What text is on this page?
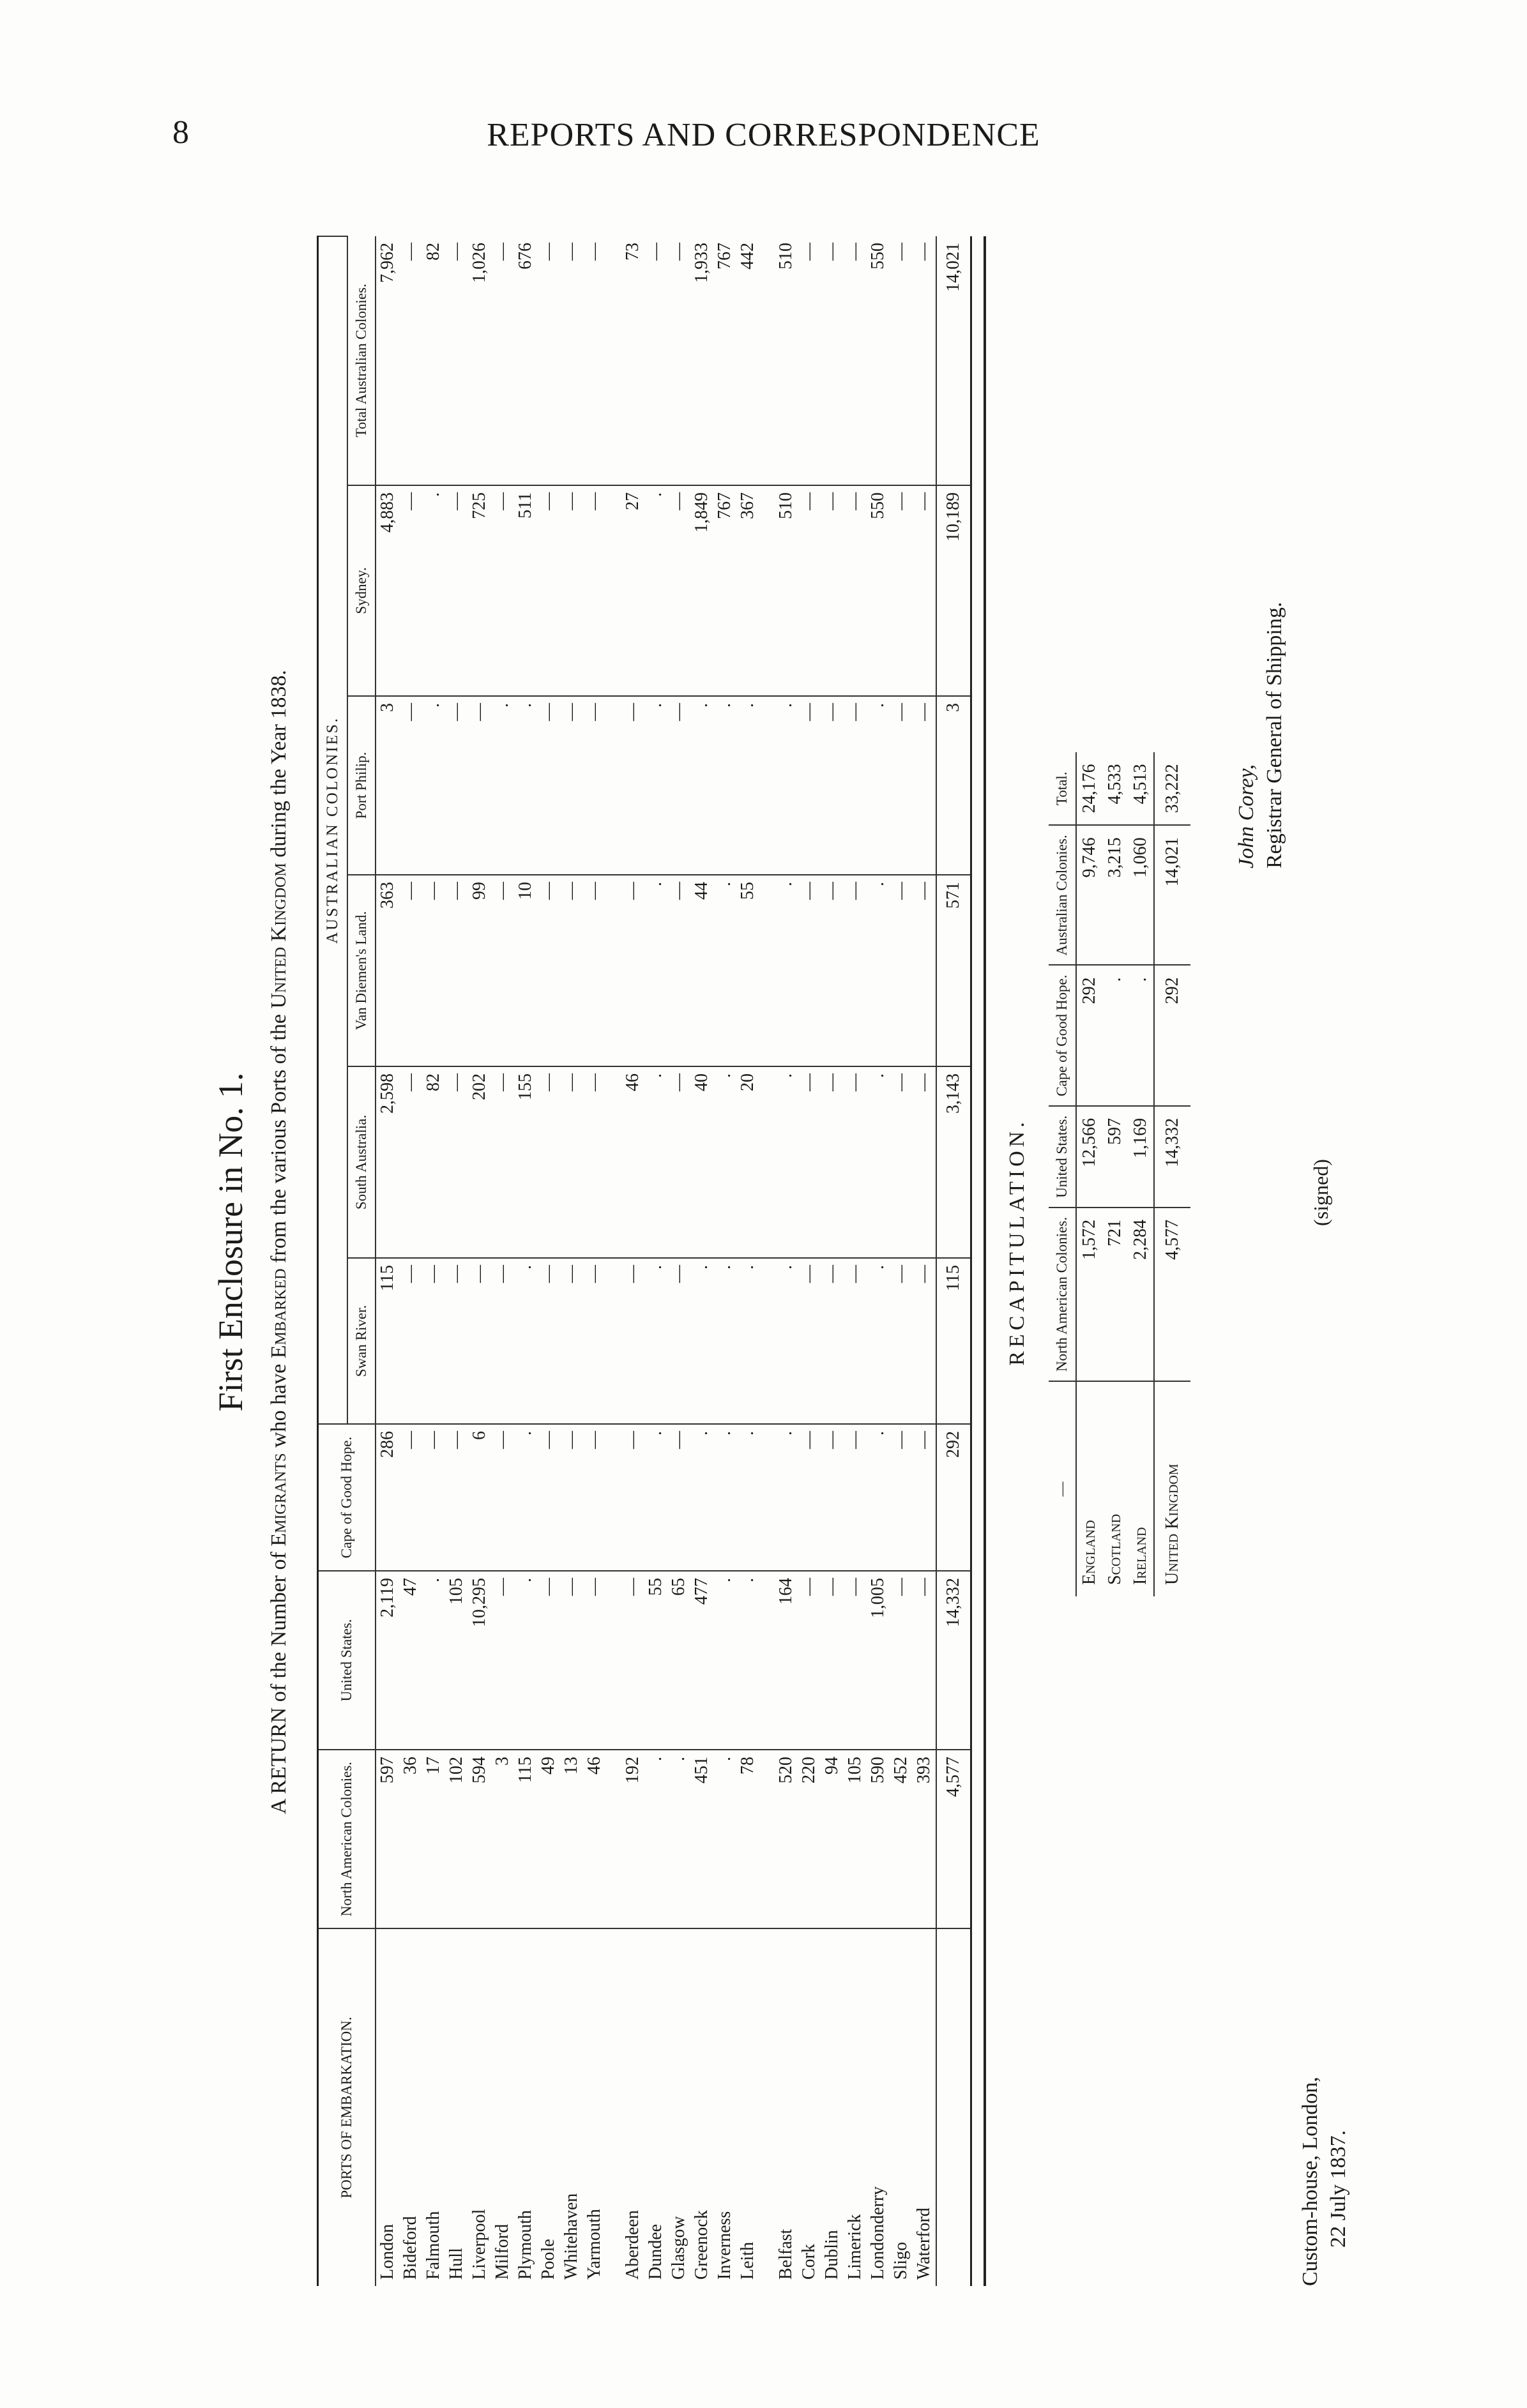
8	REPORTS AND CORRESPONDENCE
First Enclosure in No. 1.
A RETURN of the Number of Emigrants who have Embarked from the various Ports of the United Kingdom during the Year 1838.
PORTS OF EMBARKATION.	North American Colonies.	United States.	Cape of Good Hope.	AUSTRALIAN COLONIES.					
				Swan River.	South Australia.	Van Diemen's Land.	Port Philip.	Sydney.	Total Australian Colonies.
London	597	2,119	286	115	2,598	363	3	4,883	7,962
Bideford	36	47	—	—	—	—	—	—	—
Falmouth	17	.	—	—	82	—	.	.	82
Hull	102	105	—	—	—	—	—	—	—
Liverpool	594	10,295	6	—	202	99	—	725	1,026
Milford	3	—	—	—	—	—	.	—	—
Plymouth	115	.	.	.	155	10	.	511	676
Poole	49	—	—	—	—	—	—	—	—
Whitehaven	13	—	—	—	—	—	—	—	—
Yarmouth	46	—	—	—	—	—	—	—	—

Aberdeen	192	—	—	—	46	—	—	27	73
Dundee	.	55	.	.	.	.	.	.	—
Glasgow	.	65	—	—	—	—	—	—	—
Greenock	451	477	.	.	40	44	.	1,849	1,933
Inverness	.	.	.	.	.	.	.	767	767
Leith	78	.	.	.	20	55	.	367	442

Belfast	520	164	.	.	.	.	.	510	510
Cork	220	—	—	—	—	—	—	—	—
Dublin	94	—	—	—	—	—	—	—	—
Limerick	105	—	—	—	—	—	—	—	—
Londonderry	590	1,005	.	.	.	.	.	550	550
Sligo	452	—	—	—	—	—	—	—	—
Waterford	393	—	—	—	—	—	—	—	—
	4,577	14,332	292	115	3,143	571	3	10,189	14,021
RECAPITULATION.
—	North American Colonies.	United States.	Cape of Good Hope.	Australian Colonies.	Total.
England	1,572	12,566	292	9,746	24,176
Scotland	721	597	.	3,215	4,533
Ireland	2,284	1,169	.	1,060	4,513
United Kingdom	4,577	14,332	292	14,021	33,222
Custom-house, London, 22 July 1837.
(signed)
John Corey, Registrar General of Shipping.
